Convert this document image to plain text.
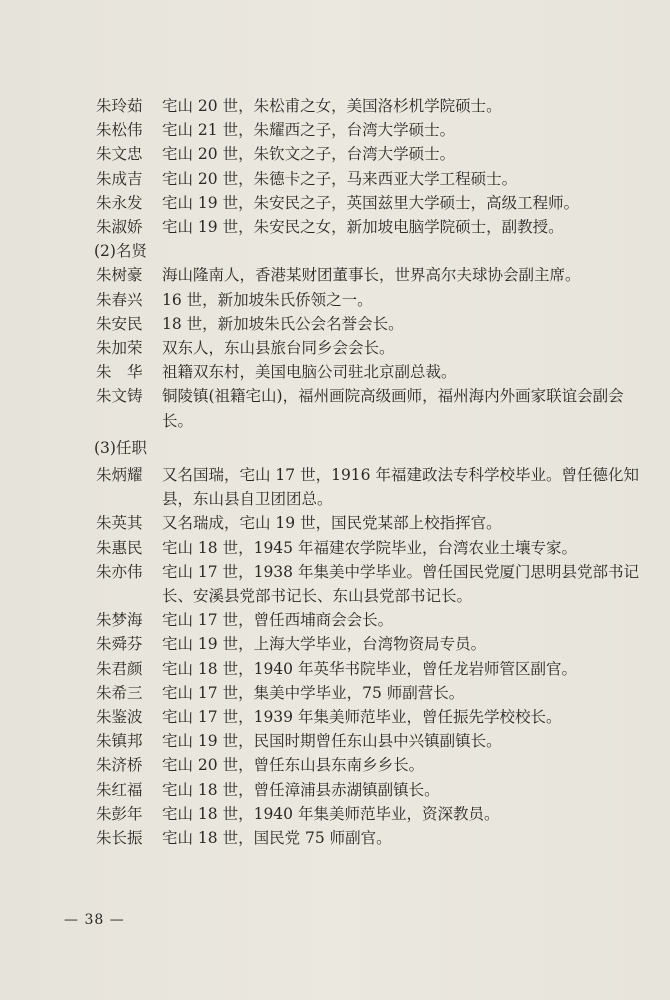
朱玲茹	宅山 20 世，朱松甫之女，美国洛杉机学院硕士。
朱松伟	宅山 21 世，朱耀西之子，台湾大学硕士。
朱文忠	宅山 20 世，朱钦文之子，台湾大学硕士。
朱成吉	宅山 20 世，朱德卡之子，马来西亚大学工程硕士。
朱永发	宅山 19 世，朱安民之子，英国兹里大学硕士，高级工程师。
朱淑娇	宅山 19 世，朱安民之女，新加坡电脑学院硕士，副教授。
(2)名贤
朱树豪	海山隆南人，香港某财团董事长，世界高尔夫球协会副主席。
朱春兴	16 世，新加坡朱氏侨领之一。
朱安民	18 世，新加坡朱氏公会名誉会长。
朱加荣	双东人，东山县旅台同乡会会长。
朱　华	祖籍双东村，美国电脑公司驻北京副总裁。
朱文铸	铜陵镇(祖籍宅山)，福州画院高级画师，福州海内外画家联谊会副会长。
(3)任职
朱炳耀	又名国瑞，宅山 17 世，1916 年福建政法专科学校毕业。曾任德化知县，东山县自卫团团总。
朱英其	又名瑞成，宅山 19 世，国民党某部上校指挥官。
朱惠民	宅山 18 世，1945 年福建农学院毕业，台湾农业土壤专家。
朱亦伟	宅山 17 世，1938 年集美中学毕业。曾任国民党厦门思明县党部书记长、安溪县党部书记长、东山县党部书记长。
朱梦海	宅山 17 世，曾任西埔商会会长。
朱舜芬	宅山 19 世，上海大学毕业，台湾物资局专员。
朱君颜	宅山 18 世，1940 年英华书院毕业，曾任龙岩师管区副官。
朱希三	宅山 17 世，集美中学毕业，75 师副营长。
朱鉴波	宅山 17 世，1939 年集美师范毕业，曾任振先学校校长。
朱镇邦	宅山 19 世，民国时期曾任东山县中兴镇副镇长。
朱济桥	宅山 20 世，曾任东山县东南乡乡长。
朱红福	宅山 18 世，曾任漳浦县赤湖镇副镇长。
朱彭年	宅山 18 世，1940 年集美师范毕业，资深教员。
朱长振	宅山 18 世，国民党 75 师副官。
— 38 —
